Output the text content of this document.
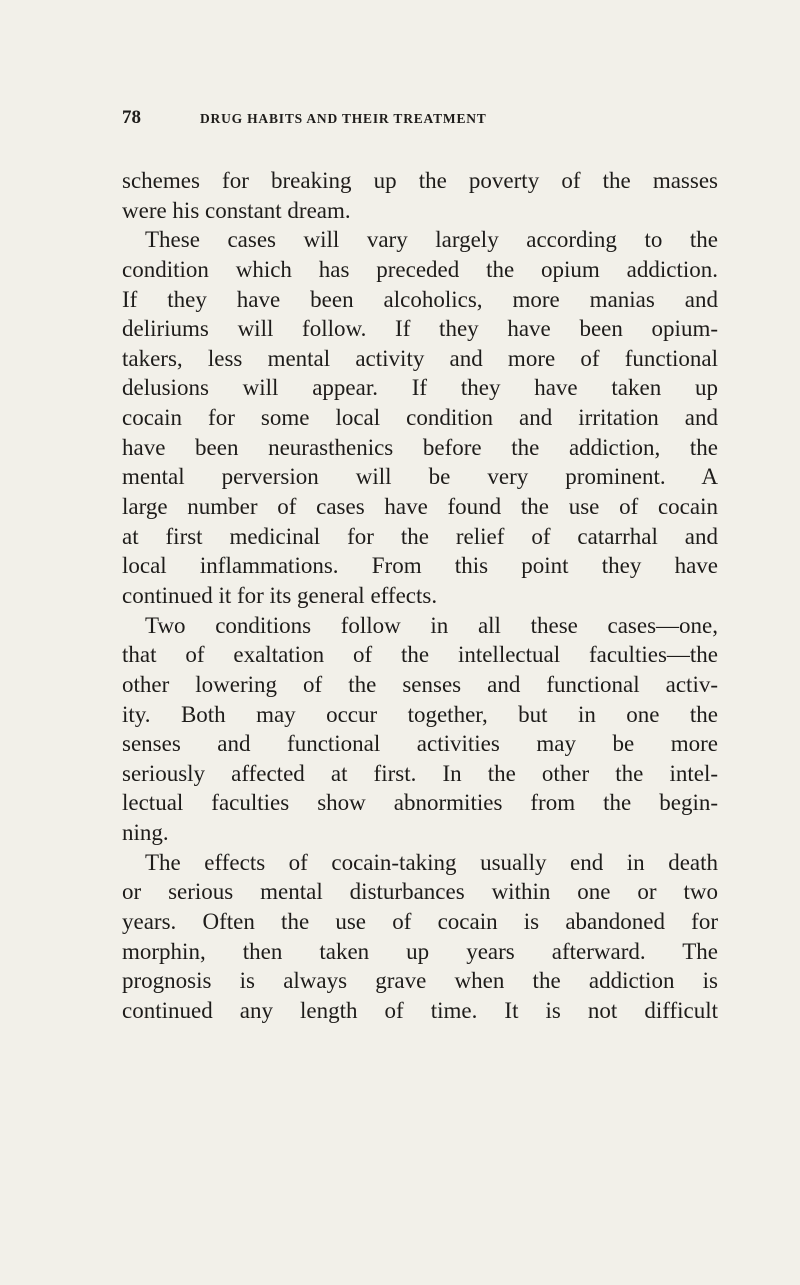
78	DRUG HABITS AND THEIR TREATMENT
schemes for breaking up the poverty of the masses
were his constant dream.
These cases will vary largely according to the
condition which has preceded the opium addiction.
If they have been alcoholics, more manias and
deliriums will follow. If they have been opium-
takers, less mental activity and more of functional
delusions will appear. If they have taken up
cocain for some local condition and irritation and
have been neurasthenics before the addiction, the
mental perversion will be very prominent. A
large number of cases have found the use of cocain
at first medicinal for the relief of catarrhal and
local inflammations. From this point they have
continued it for its general effects.
Two conditions follow in all these cases—one,
that of exaltation of the intellectual faculties—the
other lowering of the senses and functional activ-
ity. Both may occur together, but in one the
senses and functional activities may be more
seriously affected at first. In the other the intel-
lectual faculties show abnormities from the begin-
ning.
The effects of cocain-taking usually end in death
or serious mental disturbances within one or two
years. Often the use of cocain is abandoned for
morphin, then taken up years afterward. The
prognosis is always grave when the addiction is
continued any length of time. It is not difficult
